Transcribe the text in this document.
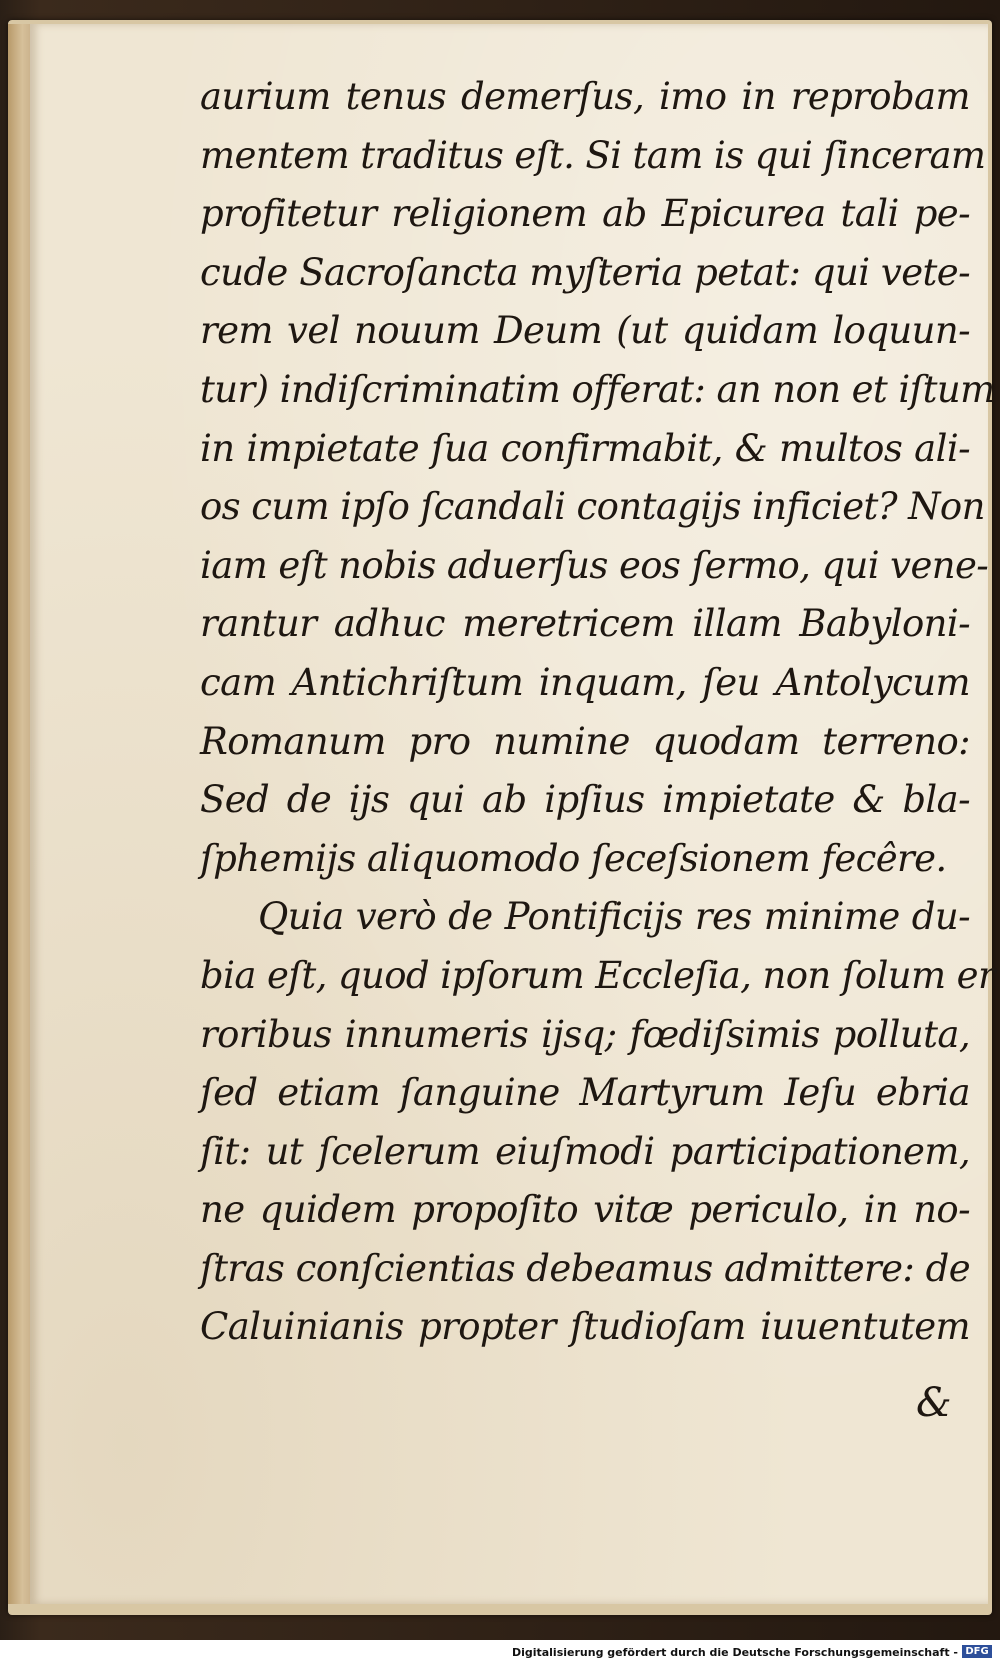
aurium tenus demerſus, imo in reprobam
mentem traditus eſt. Si tam is qui ſinceram
profitetur religionem ab Epicurea tali pe-
cude Sacroſancta myſteria petat: qui vete-
rem vel nouum Deum (ut quidam loquun-
tur) indiſcriminatim offerat: an non et iſtum
in impietate ſua confirmabit, & multos ali-
os cum ipſo ſcandali contagijs inficiet? Non
iam eſt nobis aduerſus eos ſermo, qui vene-
rantur adhuc meretricem illam Babyloni-
cam Antichriſtum inquam, ſeu Antolycum
Romanum pro numine quodam terreno:
Sed de ijs qui ab ipſius impietate & bla-
ſphemijs aliquomodo ſeceſsionem fecêre.
Quia verò de Pontificijs res minime du-
bia eſt, quod ipſorum Eccleſia, non ſolum er
roribus innumeris ijsq; fœdiſsimis polluta,
ſed etiam ſanguine Martyrum Ieſu ebria
ſit: ut ſcelerum eiuſmodi participationem,
ne quidem propoſito vitæ periculo, in no-
ſtras conſcientias debeamus admittere: de
Caluinianis propter ſtudioſam iuuentutem
&
Digitalisierung gefördert durch die Deutsche Forschungsgemeinschaft - DFG
